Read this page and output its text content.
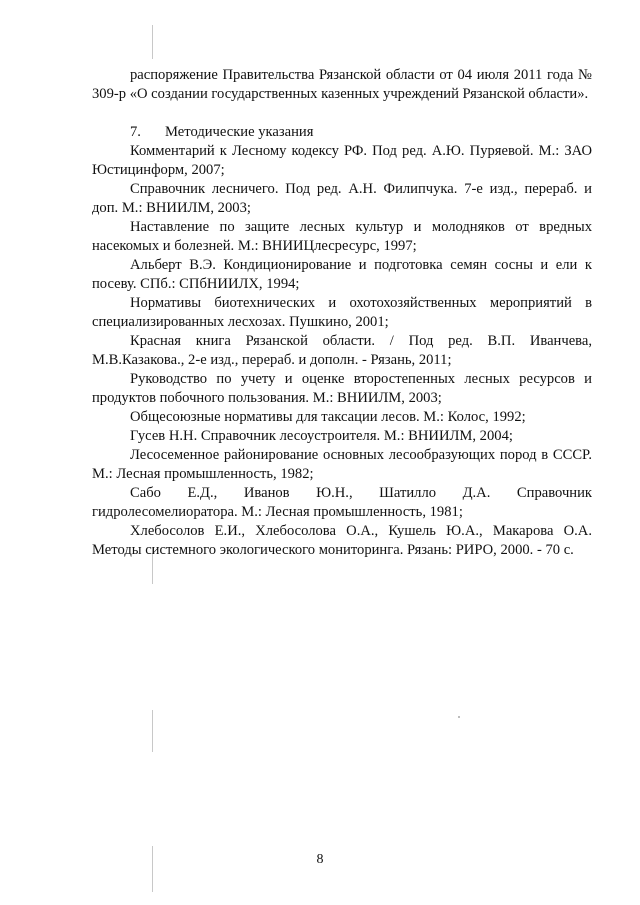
распоряжение Правительства Рязанской области от 04 июля 2011 года № 309-р «О создании государственных казенных учреждений Рязанской области».

7. Методические указания

Комментарий к Лесному кодексу РФ. Под ред. А.Ю. Пуряевой. М.: ЗАО Юстицинформ, 2007;

Справочник лесничего. Под ред. А.Н. Филипчука. 7-е изд., перераб. и доп. М.: ВНИИЛМ, 2003;

Наставление по защите лесных культур и молодняков от вредных насекомых и болезней. М.: ВНИИЦлесресурс, 1997;

Альберт В.Э. Кондиционирование и подготовка семян сосны и ели к посеву. СПб.: СПбНИИЛХ, 1994;

Нормативы биотехнических и охотохозяйственных мероприятий в специализированных лесхозах. Пушкино, 2001;

Красная книга Рязанской области. / Под ред. В.П. Иванчева, М.В.Казакова., 2-е изд., перераб. и дополн. - Рязань, 2011;

Руководство по учету и оценке второстепенных лесных ресурсов и продуктов побочного пользования. М.: ВНИИЛМ, 2003;

Общесоюзные нормативы для таксации лесов. М.: Колос, 1992;

Гусев Н.Н. Справочник лесоустроителя. М.: ВНИИЛМ, 2004;

Лесосеменное районирование основных лесообразующих пород в СССР. М.: Лесная промышленность, 1982;

Сабо Е.Д., Иванов Ю.Н., Шатилло Д.А. Справочник гидролесомелиоратора. М.: Лесная промышленность, 1981;

Хлебосолов Е.И., Хлебосолова О.А., Кушель Ю.А., Макарова О.А. Методы системного экологического мониторинга. Рязань: РИРО, 2000. - 70 с.

8
